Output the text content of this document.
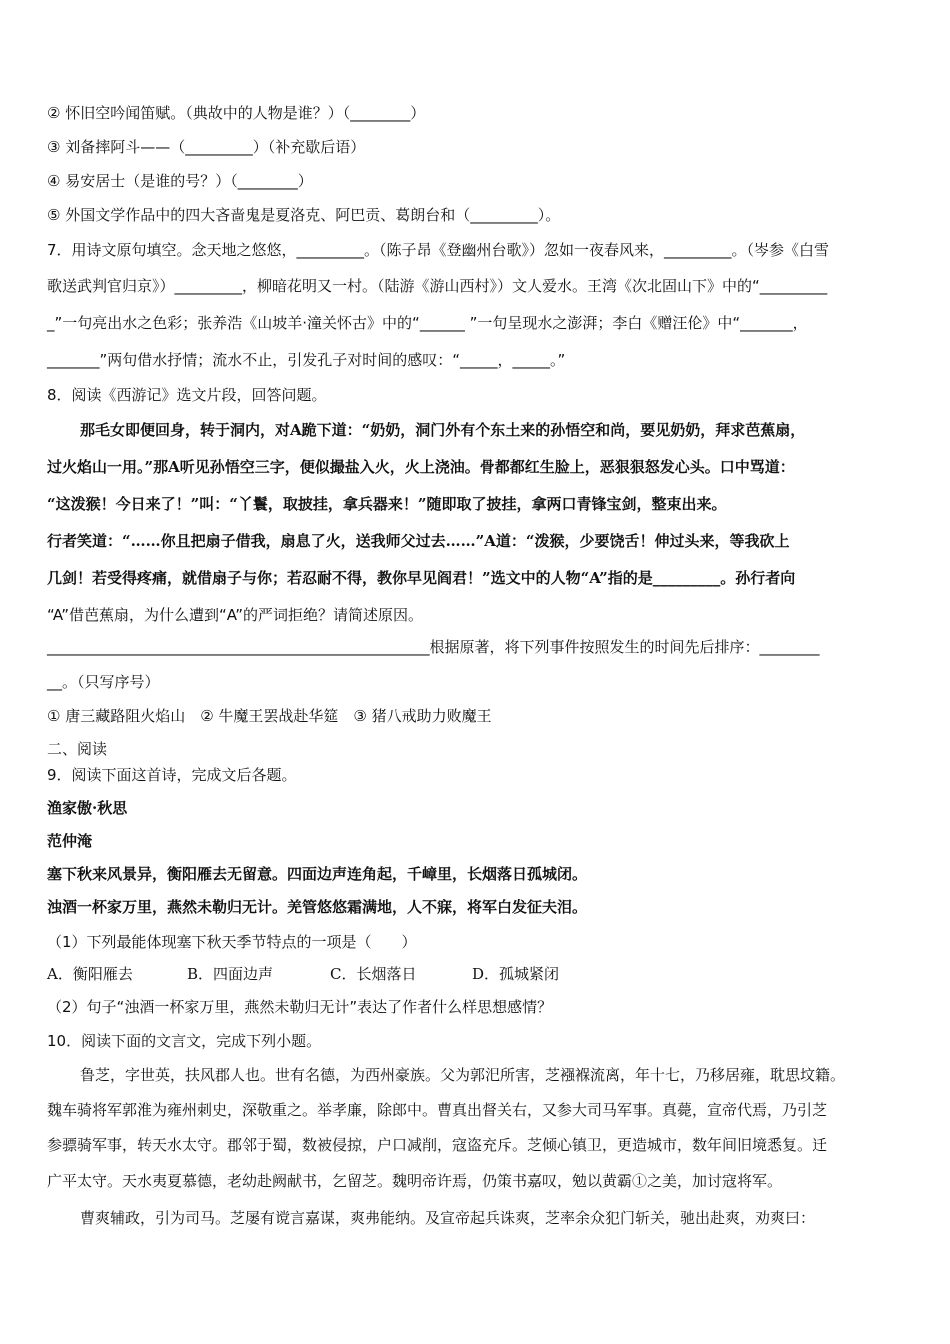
② 怀旧空吟闻笛赋。（典故中的人物是谁？）（________）
③ 刘备摔阿斗——（_________）（补充歇后语）
④ 易安居士（是谁的号？）（________）
⑤ 外国文学作品中的四大吝啬鬼是夏洛克、阿巴贡、葛朗台和（_________）。
7．用诗文原句填空。念天地之悠悠，_________。（陈子昂《登幽州台歌》）忽如一夜春风来，_________。（岑参《白雪
歌送武判官归京》）_________，柳暗花明又一村。（陆游《游山西村》）文人爱水。王湾《次北固山下》中的“_________
_”一句亮出水之色彩；张养浩《山坡羊·潼关怀古》中的“______ ”一句呈现水之澎湃；李白《赠汪伦》中“_______，
_______”两句借水抒情；流水不止，引发孔子对时间的感叹：“_____，_____。”
8．阅读《西游记》选文片段，回答问题。
那毛女即便回身，转于洞内，对A跪下道：“奶奶，洞门外有个东土来的孙悟空和尚，要见奶奶，拜求芭蕉扇，
过火焰山一用。”那A听见孙悟空三字，便似撮盐入火，火上浇油。骨都都红生脸上，恶狠狠怒发心头。口中骂道：
“这泼猴！今日来了！”叫：“丫鬟，取披挂，拿兵器来！”随即取了披挂，拿两口青锋宝剑，整束出来。
行者笑道：“……你且把扇子借我，扇息了火，送我师父过去……”A道：“泼猴，少要饶舌！伸过头来，等我砍上
几剑！若受得疼痛，就借扇子与你；若忍耐不得，教你早见阎君！”选文中的人物“A”指的是_________。孙行者向
“A”借芭蕉扇，为什么遭到“A”的严词拒绝？请简述原因。
___________________________________________________根据原著，将下列事件按照发生的时间先后排序：________
__。（只写序号）
① 唐三藏路阻火焰山　② 牛魔王罢战赴华筵　③ 猪八戒助力败魔王
二、阅读
9．阅读下面这首诗，完成文后各题。
渔家傲·秋思
范仲淹
塞下秋来风景异，衡阳雁去无留意。四面边声连角起，千嶂里，长烟落日孤城闭。
浊酒一杯家万里，燕然未勒归无计。羌管悠悠霜满地，人不寐，将军白发征夫泪。
（1）下列最能体现塞下秋天季节特点的一项是（　　）
A．衡阳雁去	B．四面边声	C．长烟落日	D．孤城紧闭
（2）句子“浊酒一杯家万里，燕然未勒归无计”表达了作者什么样思想感情？
10．阅读下面的文言文，完成下列小题。
鲁芝，字世英，扶风郡人也。世有名德，为西州豪族。父为郭汜所害，芝襁褓流离，年十七，乃移居雍，耽思坟籍。
魏车骑将军郭淮为雍州刺史，深敬重之。举孝廉，除郎中。曹真出督关右，又参大司马军事。真薨，宣帝代焉，乃引芝
参骠骑军事，转天水太守。郡邻于蜀，数被侵掠，户口减削，寇盗充斥。芝倾心镇卫，更造城市，数年间旧境悉复。迁
广平太守。天水夷夏慕德，老幼赴阙献书，乞留芝。魏明帝许焉，仍策书嘉叹，勉以黄霸①之美，加讨寇将军。
曹爽辅政，引为司马。芝屡有谠言嘉谋，爽弗能纳。及宣帝起兵诛爽，芝率余众犯门斩关，驰出赴爽，劝爽曰：
